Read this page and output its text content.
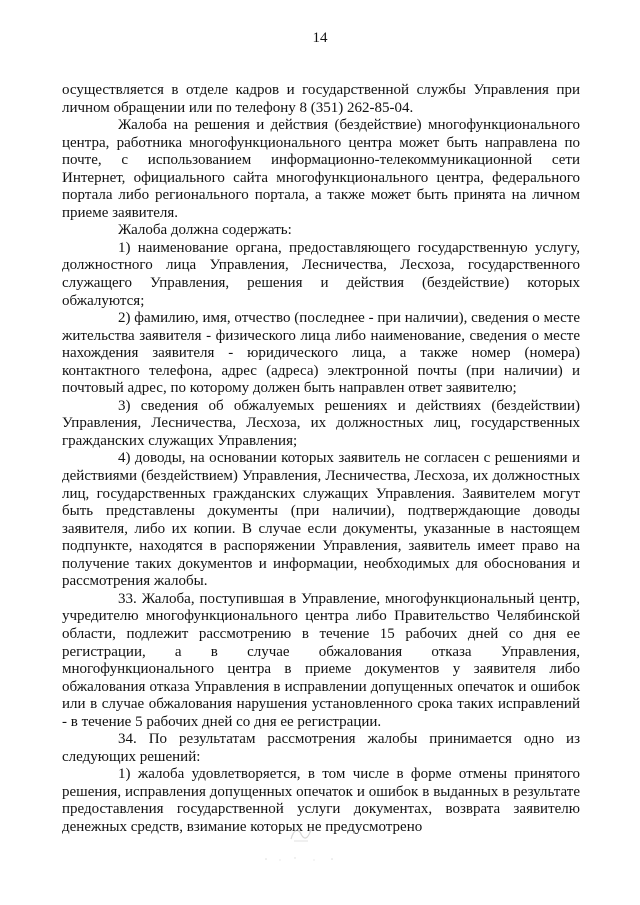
14

осуществляется в отделе кадров и государственной службы Управления при личном обращении или по телефону 8 (351) 262-85-04.

Жалоба на решения и действия (бездействие) многофункционального центра, работника многофункционального центра может быть направлена по почте, с использованием информационно-телекоммуникационной сети Интернет, официального сайта многофункционального центра, федерального портала либо регионального портала, а также может быть принята на личном приеме заявителя.

Жалоба должна содержать:

1) наименование органа, предоставляющего государственную услугу, должностного лица Управления, Лесничества, Лесхоза, государственного служащего Управления, решения и действия (бездействие) которых обжалуются;

2) фамилию, имя, отчество (последнее - при наличии), сведения о месте жительства заявителя - физического лица либо наименование, сведения о месте нахождения заявителя - юридического лица, а также номер (номера) контактного телефона, адрес (адреса) электронной почты (при наличии) и почтовый адрес, по которому должен быть направлен ответ заявителю;

3) сведения об обжалуемых решениях и действиях (бездействии) Управления, Лесничества, Лесхоза, их должностных лиц, государственных гражданских служащих Управления;

4) доводы, на основании которых заявитель не согласен с решениями и действиями (бездействием) Управления, Лесничества, Лесхоза, их должностных лиц, государственных гражданских служащих Управления. Заявителем могут быть представлены документы (при наличии), подтверждающие доводы заявителя, либо их копии. В случае если документы, указанные в настоящем подпункте, находятся в распоряжении Управления, заявитель имеет право на получение таких документов и информации, необходимых для обоснования и рассмотрения жалобы.

33. Жалоба, поступившая в Управление, многофункциональный центр, учредителю многофункционального центра либо Правительство Челябинской области, подлежит рассмотрению в течение 15 рабочих дней со дня ее регистрации, а в случае обжалования отказа Управления, многофункционального центра в приеме документов у заявителя либо обжалования отказа Управления в исправлении допущенных опечаток и ошибок или в случае обжалования нарушения установленного срока таких исправлений - в течение 5 рабочих дней со дня ее регистрации.

34. По результатам рассмотрения жалобы принимается одно из следующих решений:

1) жалоба удовлетворяется, в том числе в форме отмены принятого решения, исправления допущенных опечаток и ошибок в выданных в результате предоставления государственной услуги документах, возврата заявителю денежных средств, взимание которых не предусмотрено
